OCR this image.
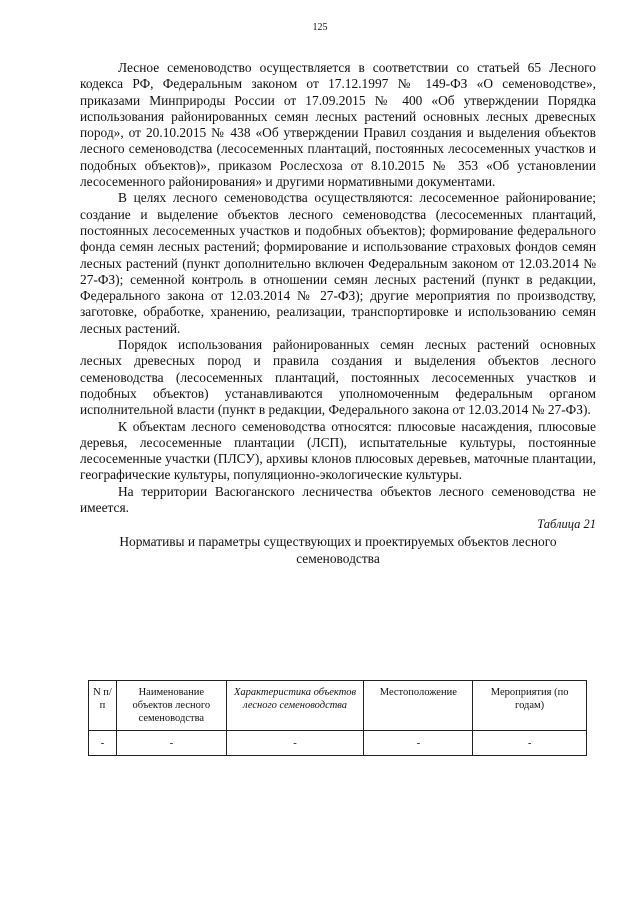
125

Лесное семеноводство осуществляется в соответствии со статьей 65 Лесного кодекса РФ, Федеральным законом от 17.12.1997 № 149-ФЗ «О семеноводстве», приказами Минприроды России от 17.09.2015 № 400 «Об утверждении Порядка использования районированных семян лесных растений основных лесных древесных пород», от 20.10.2015 № 438 «Об утверждении Правил создания и выделения объектов лесного семеноводства (лесосеменных плантаций, постоянных лесосеменных участков и подобных объектов)», приказом Рослесхоза от 8.10.2015 № 353 «Об установлении лесосеменного районирования» и другими нормативными документами.

В целях лесного семеноводства осуществляются: лесосеменное районирование; создание и выделение объектов лесного семеноводства (лесосеменных плантаций, постоянных лесосеменных участков и подобных объектов); формирование федерального фонда семян лесных растений; формирование и использование страховых фондов семян лесных растений (пункт дополнительно включен Федеральным законом от 12.03.2014 № 27-ФЗ); семенной контроль в отношении семян лесных растений (пункт в редакции, Федерального закона от 12.03.2014 № 27-ФЗ); другие мероприятия по производству, заготовке, обработке, хранению, реализации, транспортировке и использованию семян лесных растений.

Порядок использования районированных семян лесных растений основных лесных древесных пород и правила создания и выделения объектов лесного семеноводства (лесосеменных плантаций, постоянных лесосеменных участков и подобных объектов) устанавливаются уполномоченным федеральным органом исполнительной власти (пункт в редакции, Федерального закона от 12.03.2014 № 27-ФЗ).

К объектам лесного семеноводства относятся: плюсовые насаждения, плюсовые деревья, лесосеменные плантации (ЛСП), испытательные культуры, постоянные лесосеменные участки (ПЛСУ), архивы клонов плюсовых деревьев, маточные плантации, географические культуры, популяционно-экологические культуры.

На территории Васюганского лесничества объектов лесного семеноводства не имеется.

Таблица 21
Нормативы и параметры существующих и проектируемых объектов лесного семеноводства
N п/п	Наименование объектов лесного семеноводства	Характеристика объектов лесного семеноводства	Местоположение	Мероприятия (по годам)
-	-	-	-	-
